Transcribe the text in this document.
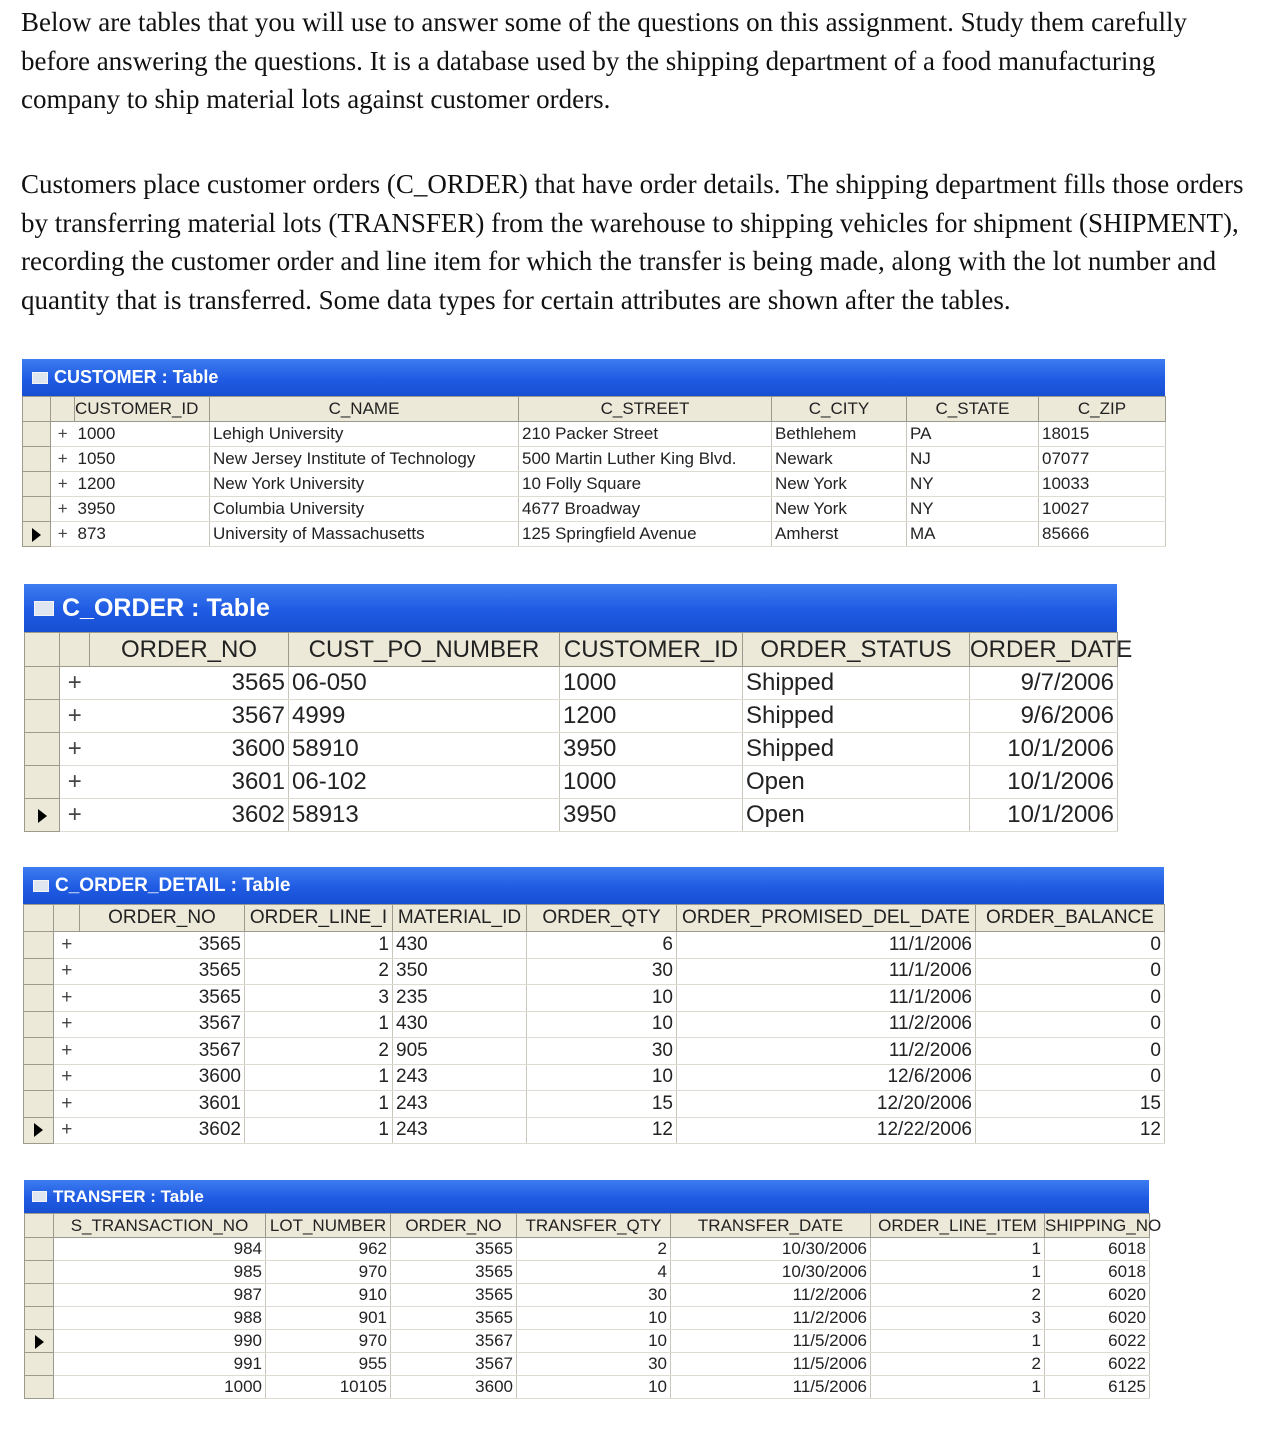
Below are tables that you will use to answer some of the questions on this assignment. Study them carefully before answering the questions. It is a database used by the shipping department of a food manufacturing company to ship material lots against customer orders.
Customers place customer orders (C_ORDER) that have order details. The shipping department fills those orders by transferring material lots (TRANSFER) from the warehouse to shipping vehicles for shipment (SHIPMENT), recording the customer order and line item for which the transfer is being made, along with the lot number and quantity that is transferred. Some data types for certain attributes are shown after the tables.
CUSTOMER : Table
		CUSTOMER_ID	C_NAME	C_STREET	C_CITY	C_STATE	C_ZIP
	+	1000	Lehigh University	210 Packer Street	Bethlehem	PA	18015
	+	1050	New Jersey Institute of Technology	500 Martin Luther King Blvd.	Newark	NJ	07077
	+	1200	New York University	10 Folly Square	New York	NY	10033
	+	3950	Columbia University	4677 Broadway	New York	NY	10027
	+	873	University of Massachusetts	125 Springfield Avenue	Amherst	MA	85666
C_ORDER : Table
		ORDER_NO	CUST_PO_NUMBER	CUSTOMER_ID	ORDER_STATUS	ORDER_DATE
	+	3565	06-050	1000	Shipped	9/7/2006
	+	3567	4999	1200	Shipped	9/6/2006
	+	3600	58910	3950	Shipped	10/1/2006
	+	3601	06-102	1000	Open	10/1/2006
	+	3602	58913	3950	Open	10/1/2006
C_ORDER_DETAIL : Table
		ORDER_NO	ORDER_LINE_I	MATERIAL_ID	ORDER_QTY	ORDER_PROMISED_DEL_DATE	ORDER_BALANCE
	+	3565	1	430	6	11/1/2006	0
	+	3565	2	350	30	11/1/2006	0
	+	3565	3	235	10	11/1/2006	0
	+	3567	1	430	10	11/2/2006	0
	+	3567	2	905	30	11/2/2006	0
	+	3600	1	243	10	12/6/2006	0
	+	3601	1	243	15	12/20/2006	15
	+	3602	1	243	12	12/22/2006	12
TRANSFER : Table
	S_TRANSACTION_NO	LOT_NUMBER	ORDER_NO	TRANSFER_QTY	TRANSFER_DATE	ORDER_LINE_ITEM	SHIPPING_NO
	984	962	3565	2	10/30/2006	1	6018
	985	970	3565	4	10/30/2006	1	6018
	987	910	3565	30	11/2/2006	2	6020
	988	901	3565	10	11/2/2006	3	6020
	990	970	3567	10	11/5/2006	1	6022
	991	955	3567	30	11/5/2006	2	6022
	1000	10105	3600	10	11/5/2006	1	6125
